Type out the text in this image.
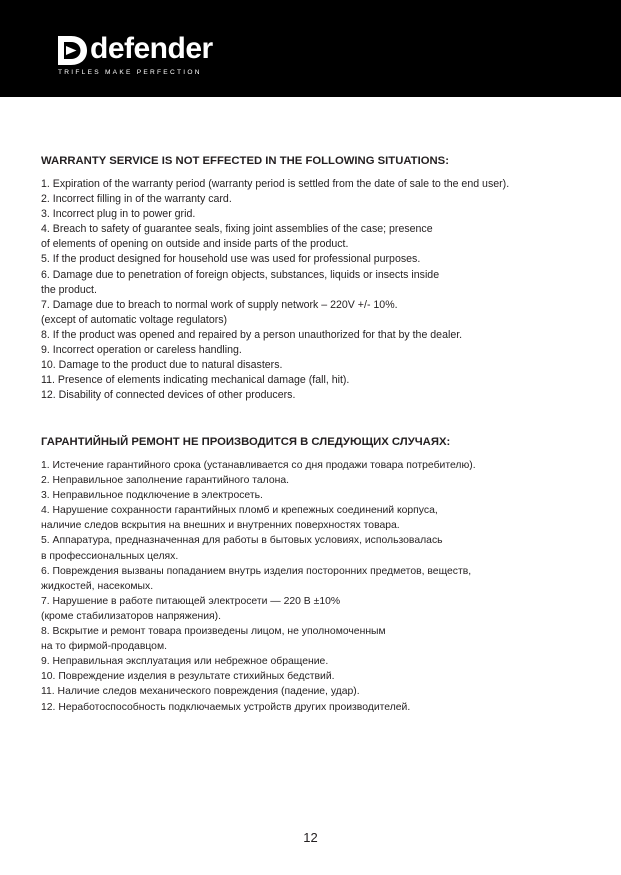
defender
TRIFLES MAKE PERFECTION
WARRANTY SERVICE IS NOT EFFECTED IN THE FOLLOWING SITUATIONS:
1. Expiration of the warranty period (warranty period is settled from the date of sale to the end user).
2. Incorrect filling in of the warranty card.
3. Incorrect plug in to power grid.
4. Breach to safety of guarantee seals, fixing joint assemblies of the case; presence
of elements of opening on outside and inside parts of the product.
5. If the product designed for household use was used for professional purposes.
6. Damage due to penetration of foreign objects, substances, liquids or insects inside
the product.
7. Damage due to breach to normal work of supply network – 220V +/- 10%.
(except of automatic voltage regulators)
8. If the product was opened and repaired by a person unauthorized for that by the dealer.
9. Incorrect operation or careless handling.
10. Damage to the product due to natural disasters.
11. Presence of elements indicating mechanical damage (fall, hit).
12. Disability of connected devices of other producers.
ГАРАНТИЙНЫЙ РЕМОНТ НЕ ПРОИЗВОДИТСЯ В СЛЕДУЮЩИХ СЛУЧАЯХ:
1. Истечение гарантийного срока (устанавливается со дня продажи товара потребителю).
2. Неправильное заполнение гарантийного талона.
3. Неправильное подключение в электросеть.
4. Нарушение сохранности гарантийных пломб и крепежных соединений корпуса,
наличие следов вскрытия на внешних и внутренних поверхностях товара.
5. Аппаратура, предназначенная для работы в бытовых условиях, использовалась
в профессиональных целях.
6. Повреждения вызваны попаданием внутрь изделия посторонних предметов, веществ,
жидкостей, насекомых.
7. Нарушение в работе питающей электросети — 220 В ±10%
(кроме стабилизаторов напряжения).
8. Вскрытие и ремонт товара произведены лицом, не уполномоченным
на то фирмой-продавцом.
9. Неправильная эксплуатация или небрежное обращение.
10. Повреждение изделия в результате стихийных бедствий.
11. Наличие следов механического повреждения (падение, удар).
12. Неработоспособность подключаемых устройств других производителей.
12
